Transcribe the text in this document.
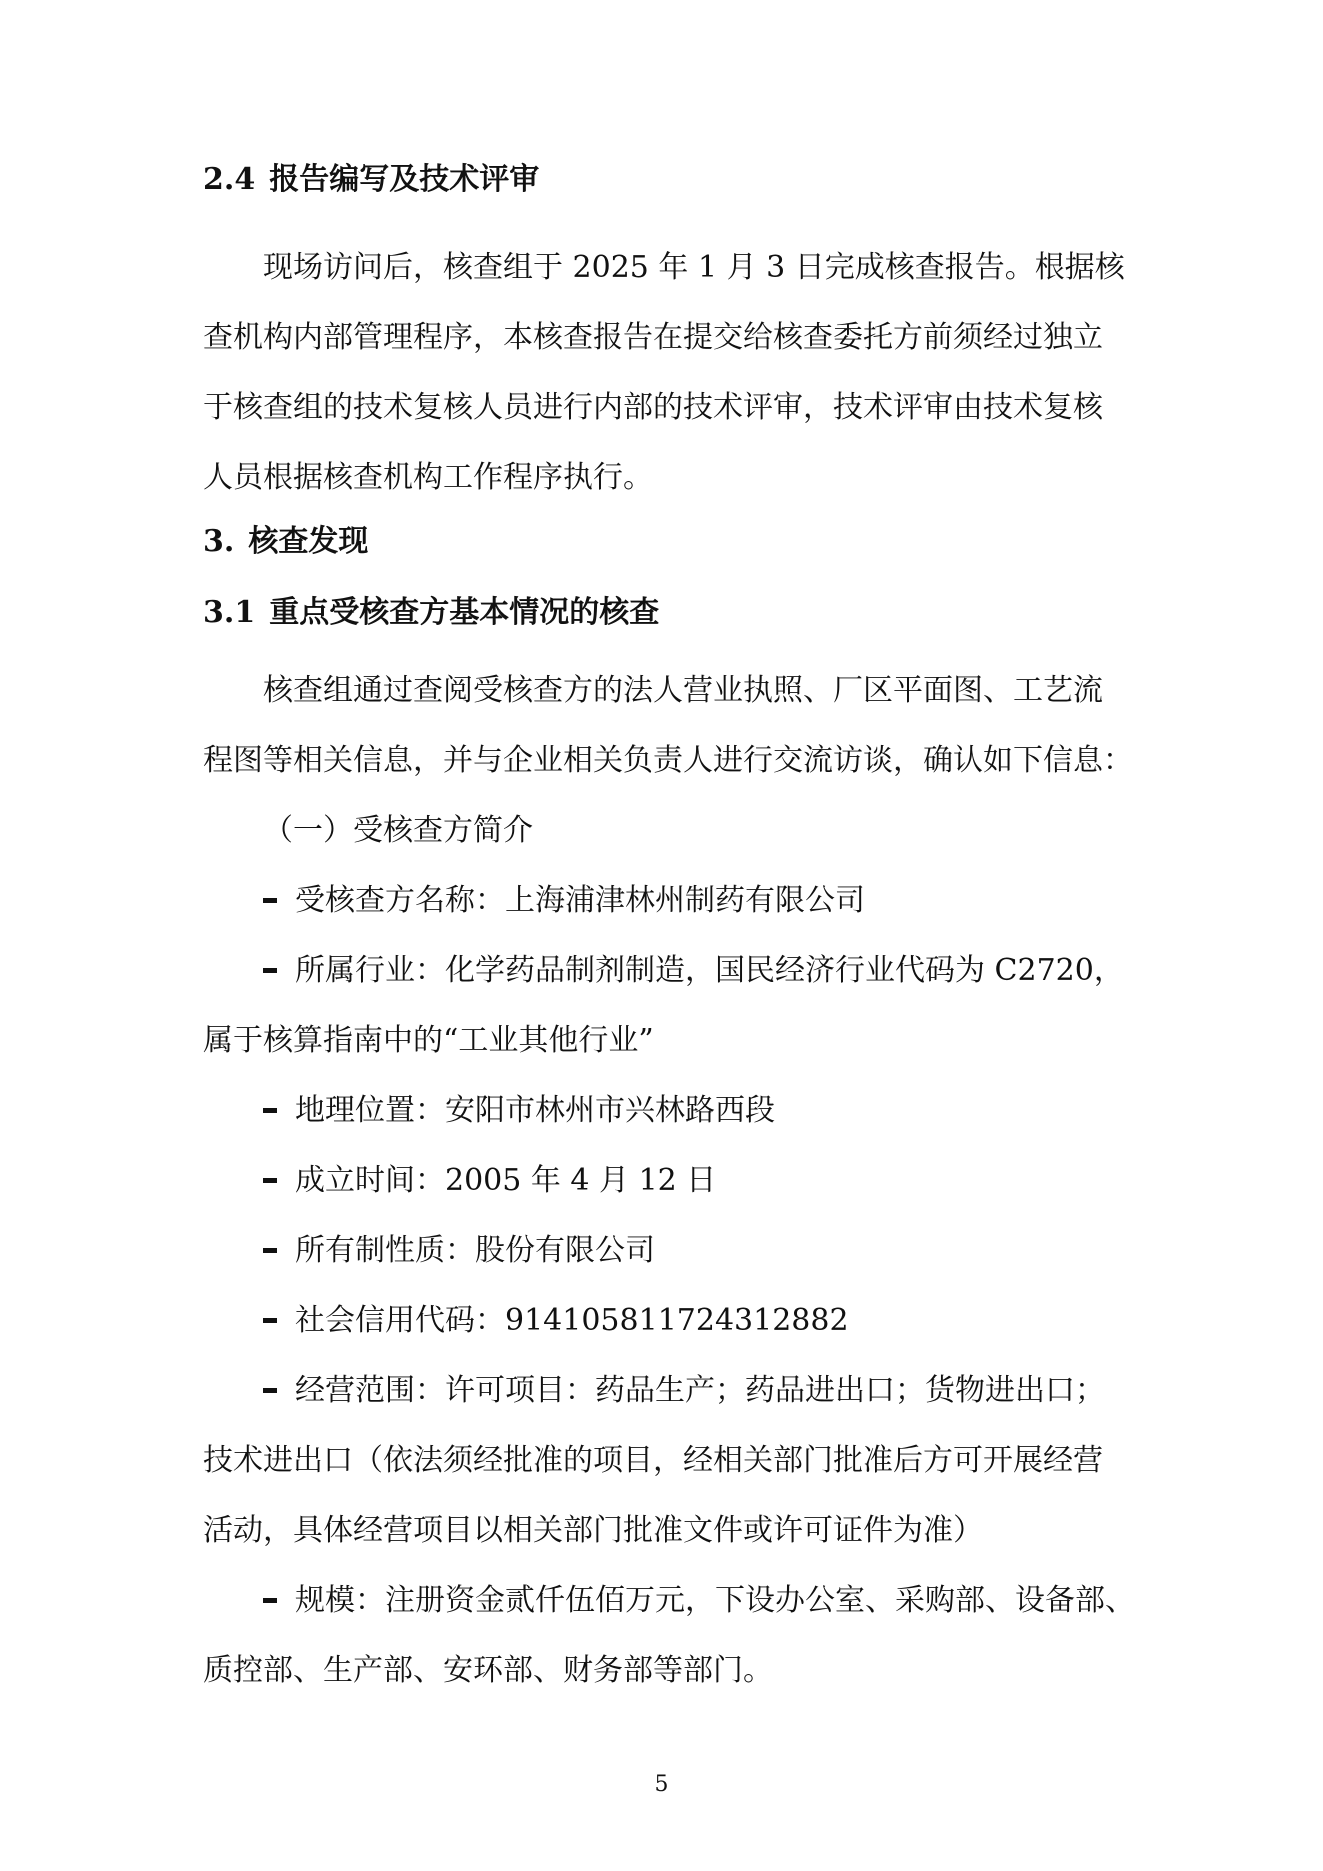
2.4 报告编写及技术评审
现场访问后，核查组于 2025 年 1 月 3 日完成核查报告。根据核
查机构内部管理程序，本核查报告在提交给核查委托方前须经过独立
于核查组的技术复核人员进行内部的技术评审，技术评审由技术复核
人员根据核查机构工作程序执行。
3. 核查发现
3.1 重点受核查方基本情况的核查
核查组通过查阅受核查方的法人营业执照、厂区平面图、工艺流
程图等相关信息，并与企业相关负责人进行交流访谈，确认如下信息：
（一）受核查方简介
受核查方名称：上海浦津林州制药有限公司
所属行业：化学药品制剂制造，国民经济行业代码为 C2720，
属于核算指南中的“工业其他行业”
地理位置：安阳市林州市兴林路西段
成立时间：2005 年 4 月 12 日
所有制性质：股份有限公司
社会信用代码：914105811724312882
经营范围：许可项目：药品生产；药品进出口；货物进出口；
技术进出口（依法须经批准的项目，经相关部门批准后方可开展经营
活动，具体经营项目以相关部门批准文件或许可证件为准）
规模：注册资金贰仟伍佰万元，下设办公室、采购部、设备部、
质控部、生产部、安环部、财务部等部门。
5
